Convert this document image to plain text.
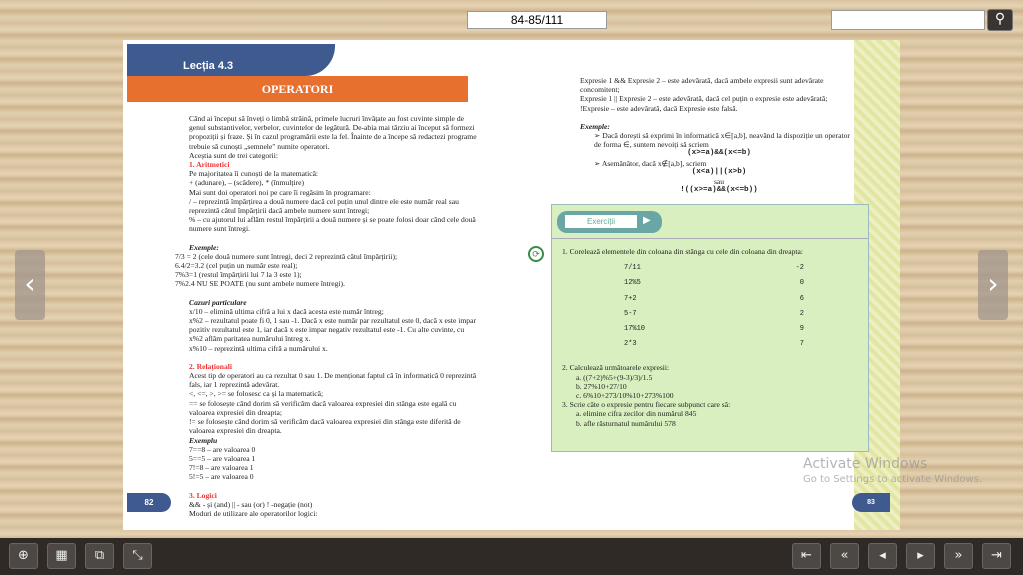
84-85/111	⚲
‹	›
Lecția 4.3
OPERATORI

Când ai început să înveți o limbă străină, primele lucruri învățate au fost cuvinte simple de genul substantivelor, verbelor, cuvintelor de legătură. De-abia mai târziu ai început să formezi propoziții și fraze. Și în cazul programării este la fel. Înainte de a începe să redactezi programe trebuie să cunoști „semnele" numite operatori.

Aceștia sunt de trei categorii:

1. Aritmetici

Pe majoritatea îi cunoști de la matematică:

+ (adunare), – (scădere), * (înmulțire)

Mai sunt doi operatori noi pe care îi regăsim în programare:

/ – reprezintă împărțirea a două numere dacă cel puțin unul dintre ele este număr real sau reprezintă câtul împărțirii dacă ambele numere sunt întregi;

% – cu ajutorul lui aflăm restul împărțirii a două numere și se poate folosi doar când cele două numere sunt întregi.

Exemple:

7/3 = 2 (cele două numere sunt întregi, deci 2 reprezintă câtul împărțirii);

6.4/2=3.2 (cel puțin un număr este real);

7%3=1 (restul împărțirii lui 7 la 3 este 1);

7%2.4 NU SE POATE (nu sunt ambele numere întregi).

Cazuri particulare

x/10 – elimină ultima cifră a lui x dacă acesta este număr întreg;

x%2 – rezultatul poate fi 0, 1 sau -1. Dacă x este număr par rezultatul este 0, dacă x este impar pozitiv rezultatul este 1, iar dacă x este impar negativ rezultatul este -1. Cu alte cuvinte, cu x%2 aflăm paritatea numărului întreg x.

x%10 – reprezintă ultima cifră a numărului x.

2. Relaționali

Acest tip de operatori au ca rezultat 0 sau 1. De menționat faptul că în informatică 0 reprezintă fals, iar 1 reprezintă adevărat.

<, <=, >, >= se folosesc ca și la matematică;

== se folosește când dorim să verificăm dacă valoarea expresiei din stânga este egală cu valoarea expresiei din dreapta;

!= se folosește când dorim să verificăm dacă valoarea expresiei din stânga este diferită de valoarea expresiei din dreapta.

Exemplu

7==8 – are valoarea 0

5==5 – are valoarea 1

7!=8 – are valoarea 1

5!=5 – are valoarea 0

3. Logici

&& - și (and) || - sau (or) ! -negație (not)

Moduri de utilizare ale operatorilor logici:

82

Expresie 1 && Expresie 2 – este adevărată, dacă ambele expresii sunt adevărate concomitent;

Expresie 1 || Expresie 2 – este adevărată, dacă cel puțin o expresie este adevărată;

!Expresie – este adevărată, dacă Expresie este falsă.

Exemple:

➢ Dacă dorești să exprimi în informatică x∈[a,b], neavând la dispoziție un operator de forma ∈, suntem nevoiți să scriem

(x>=a)&&(x<=b)

➢ Asemănător, dacă x∉[a,b], scriem

(x<a)||(x>b)

sau

!((x>=a)&&(x<=b))

⟳
Exerciții	▶

1. Corelează elementele din coloana din stânga cu cele din coloana din dreapta:

7/11	-2
12%5	0
7+2	6
5-7	2
17%10	9
2*3	7

2. Calculează următoarele expresii:

a. ((7+2)%5+(9-3)/3)/1.5

b. 27%10+27/10

c. 6%10+273/10%10+273%100

3. Scrie câte o expresie pentru fiecare subpunct care să:

a. elimine cifra zecilor din numărul 845

b. afle răsturnatul numărului 578

83
Activate Windows
Go to Settings to activate Windows.
⊕	▦	⧉	⤡	⇤	«	◂	▸	»	⇥
